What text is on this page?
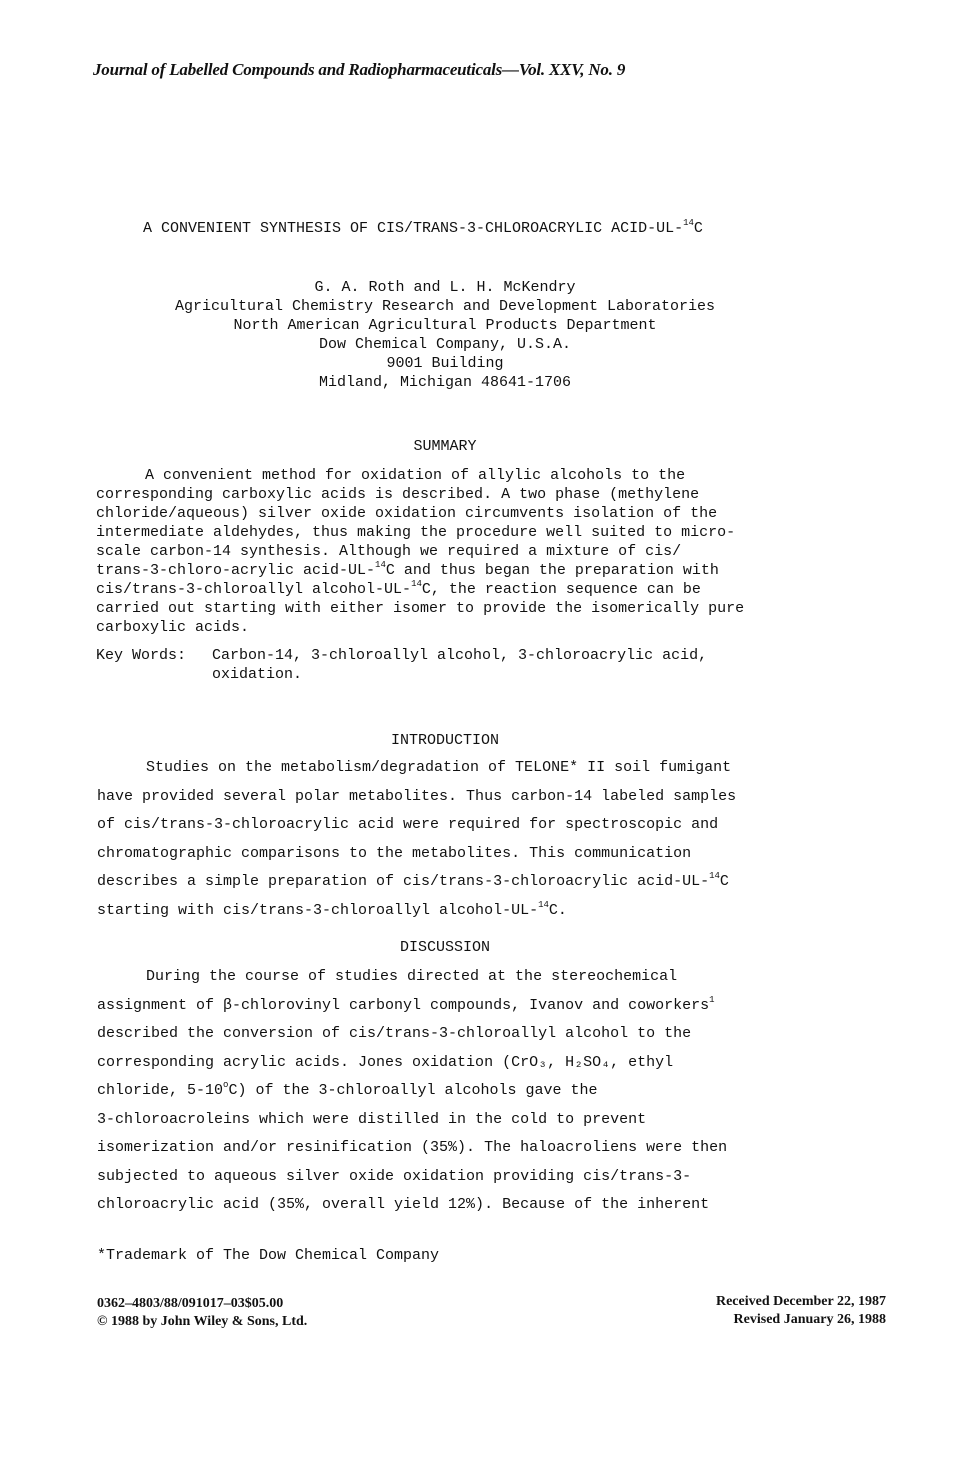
Journal of Labelled Compounds and Radiopharmaceuticals—Vol. XXV, No. 9
A CONVENIENT SYNTHESIS OF CIS/TRANS-3-CHLOROACRYLIC ACID-UL-$^{14}$C
G. A. Roth and L. H. McKendry
Agricultural Chemistry Research and Development Laboratories
North American Agricultural Products Department
Dow Chemical Company, U.S.A.
9001 Building
Midland, Michigan 48641-1706
SUMMARY
A convenient method for oxidation of allylic alcohols to the
corresponding carboxylic acids is described. A two phase (methylene
chloride/aqueous) silver oxide oxidation circumvents isolation of the
intermediate aldehydes, thus making the procedure well suited to micro-
scale carbon-14 synthesis. Although we required a mixture of cis/
trans-3-chloro-acrylic acid-UL-$^{14}$C and thus began the preparation with
cis/trans-3-chloroallyl alcohol-UL-$^{14}$C, the reaction sequence can be
carried out starting with either isomer to provide the isomerically pure
carboxylic acids.
Key Words: Carbon-14, 3-chloroallyl alcohol, 3-chloroacrylic acid, oxidation.
INTRODUCTION
Studies on the metabolism/degradation of TELONE* II soil fumigant
have provided several polar metabolites. Thus carbon-14 labeled samples
of cis/trans-3-chloroacrylic acid were required for spectroscopic and
chromatographic comparisons to the metabolites. This communication
describes a simple preparation of cis/trans-3-chloroacrylic acid-UL-$^{14}$C
starting with cis/trans-3-chloroallyl alcohol-UL-$^{14}$C.
DISCUSSION
During the course of studies directed at the stereochemical
assignment of β-chlorovinyl carbonyl compounds, Ivanov and coworkers$^1$
described the conversion of cis/trans-3-chloroallyl alcohol to the
corresponding acrylic acids. Jones oxidation (CrO₃, H₂SO₄, ethyl
chloride, 5-10$^o$C) of the 3-chloroallyl alcohols gave the
3-chloroacroleins which were distilled in the cold to prevent
isomerization and/or resinification (35%). The haloacroliens were then
subjected to aqueous silver oxide oxidation providing cis/trans-3-
chloroacrylic acid (35%, overall yield 12%). Because of the inherent
*Trademark of The Dow Chemical Company
0362–4803/88/091017–03$05.00
© 1988 by John Wiley & Sons, Ltd.
Received December 22, 1987
Revised January 26, 1988
